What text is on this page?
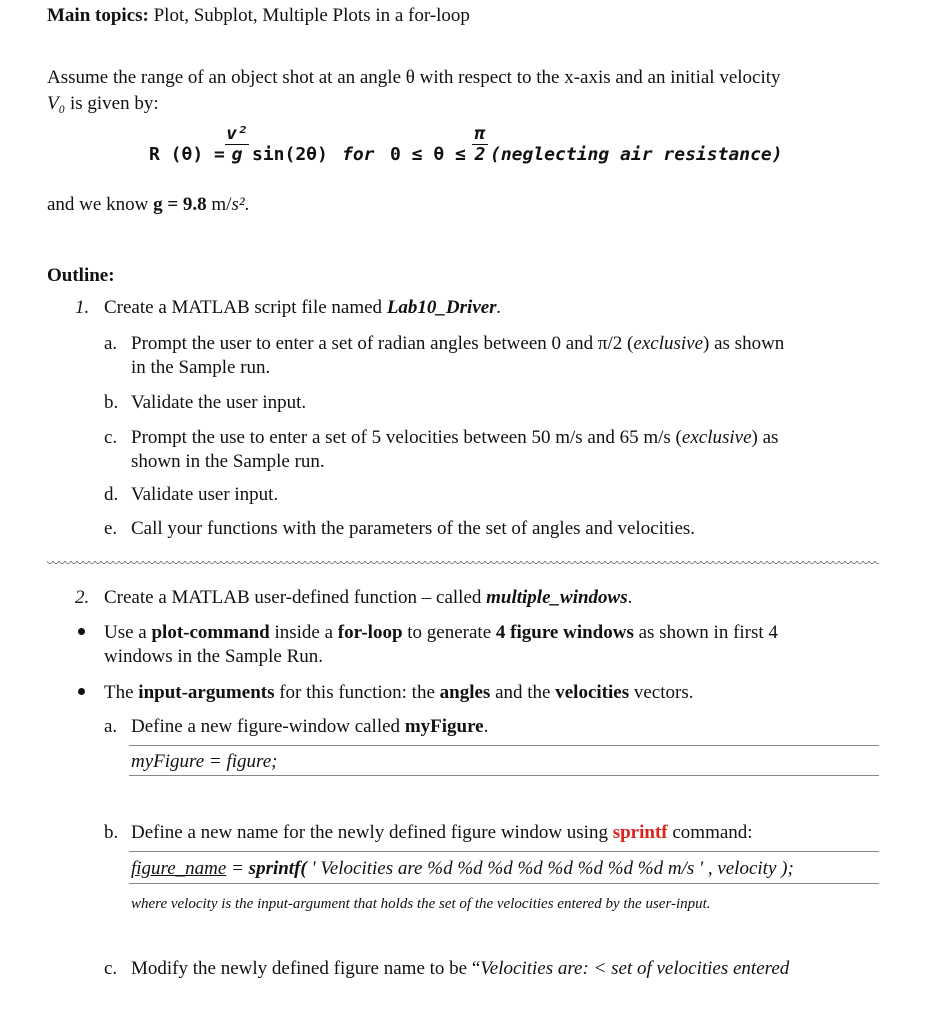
Main topics: Plot, Subplot, Multiple Plots in a for-loop
Assume the range of an object shot at an angle θ with respect to the x-axis and an initial velocity
V₀ is given by:
R (θ) =
v²
g sin(2θ) for 0 ≤ θ ≤
π
2 (neglecting air resistance)
and we know g = 9.8 m/s².
Outline:
1. Create a MATLAB script file named Lab10_Driver.
a. Prompt the user to enter a set of radian angles between 0 and π/2 (exclusive) as shown
in the Sample run.
b. Validate the user input.
c. Prompt the use to enter a set of 5 velocities between 50 m/s and 65 m/s (exclusive) as
shown in the Sample run.
d. Validate user input.
e. Call your functions with the parameters of the set of angles and velocities.
2. Create a MATLAB user-defined function – called multiple_windows.
Use a plot-command inside a for-loop to generate 4 figure windows as shown in first 4
windows in the Sample Run.
The input-arguments for this function: the angles and the velocities vectors.
a. Define a new figure-window called myFigure.
myFigure = figure;
b. Define a new name for the newly defined figure window using sprintf command:
figure_name = sprintf( ' Velocities are %d %d %d %d %d %d %d %d m/s ' , velocity );
where velocity is the input-argument that holds the set of the velocities entered by the user-input.
c. Modify the newly defined figure name to be “Velocities are: < set of velocities entered
